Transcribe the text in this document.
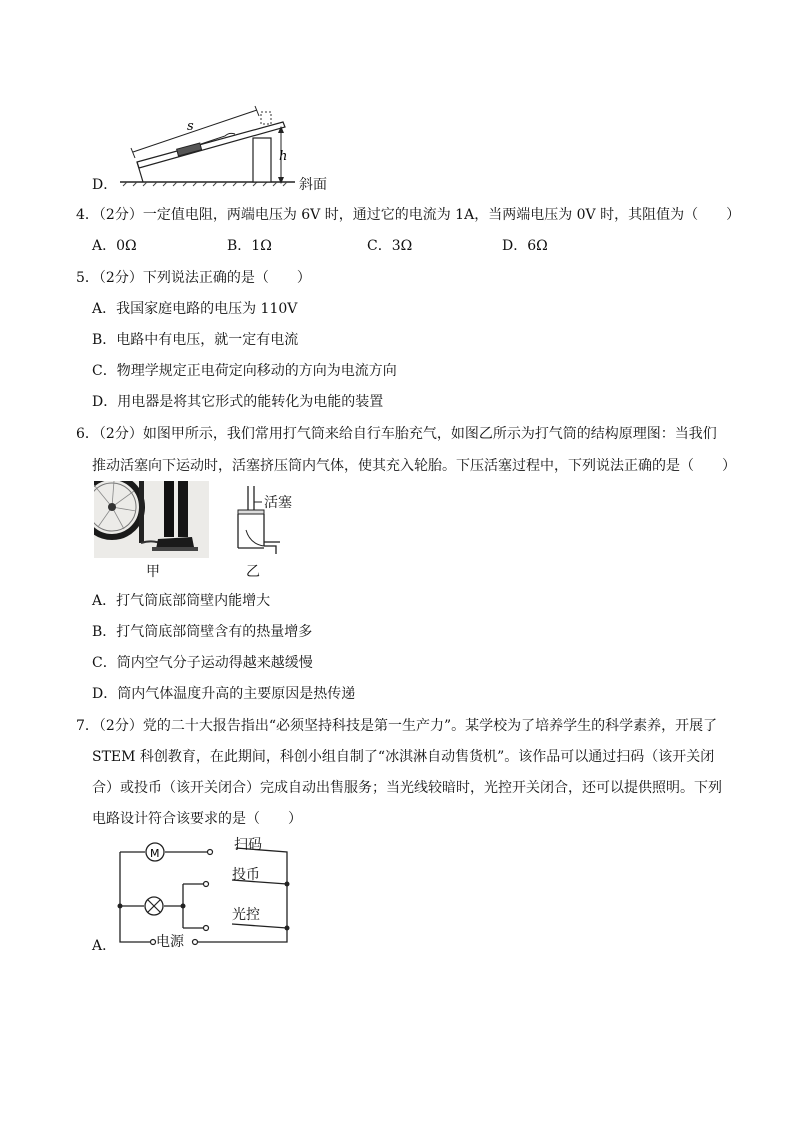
D．
s
h
斜面
4．（2分）一定值电阻，两端电压为 6V 时，通过它的电流为 1A，当两端电压为 0V 时，其阻值为（　　）
A．0Ω	B．1Ω	C．3Ω	D．6Ω
5．（2分）下列说法正确的是（　　）
A．我国家庭电路的电压为 110V
B．电路中有电压，就一定有电流
C．物理学规定正电荷定向移动的方向为电流方向
D．用电器是将其它形式的能转化为电能的装置
6．（2分）如图甲所示，我们常用打气筒来给自行车胎充气，如图乙所示为打气筒的结构原理图：当我们
推动活塞向下运动时，活塞挤压筒内气体，使其充入轮胎。下压活塞过程中，下列说法正确的是（　　）
甲
活塞
乙
A．打气筒底部筒壁内能增大
B．打气筒底部筒壁含有的热量增多
C．筒内空气分子运动得越来越缓慢
D．筒内气体温度升高的主要原因是热传递
7．（2分）党的二十大报告指出“必须坚持科技是第一生产力”。某学校为了培养学生的科学素养，开展了
STEM 科创教育，在此期间，科创小组自制了“冰淇淋自动售货机”。该作品可以通过扫码（该开关闭
合）或投币（该开关闭合）完成自动出售服务；当光线较暗时，光控开关闭合，还可以提供照明。下列
电路设计符合该要求的是（　　）
A．
M
扫码
投币
光控
电源
